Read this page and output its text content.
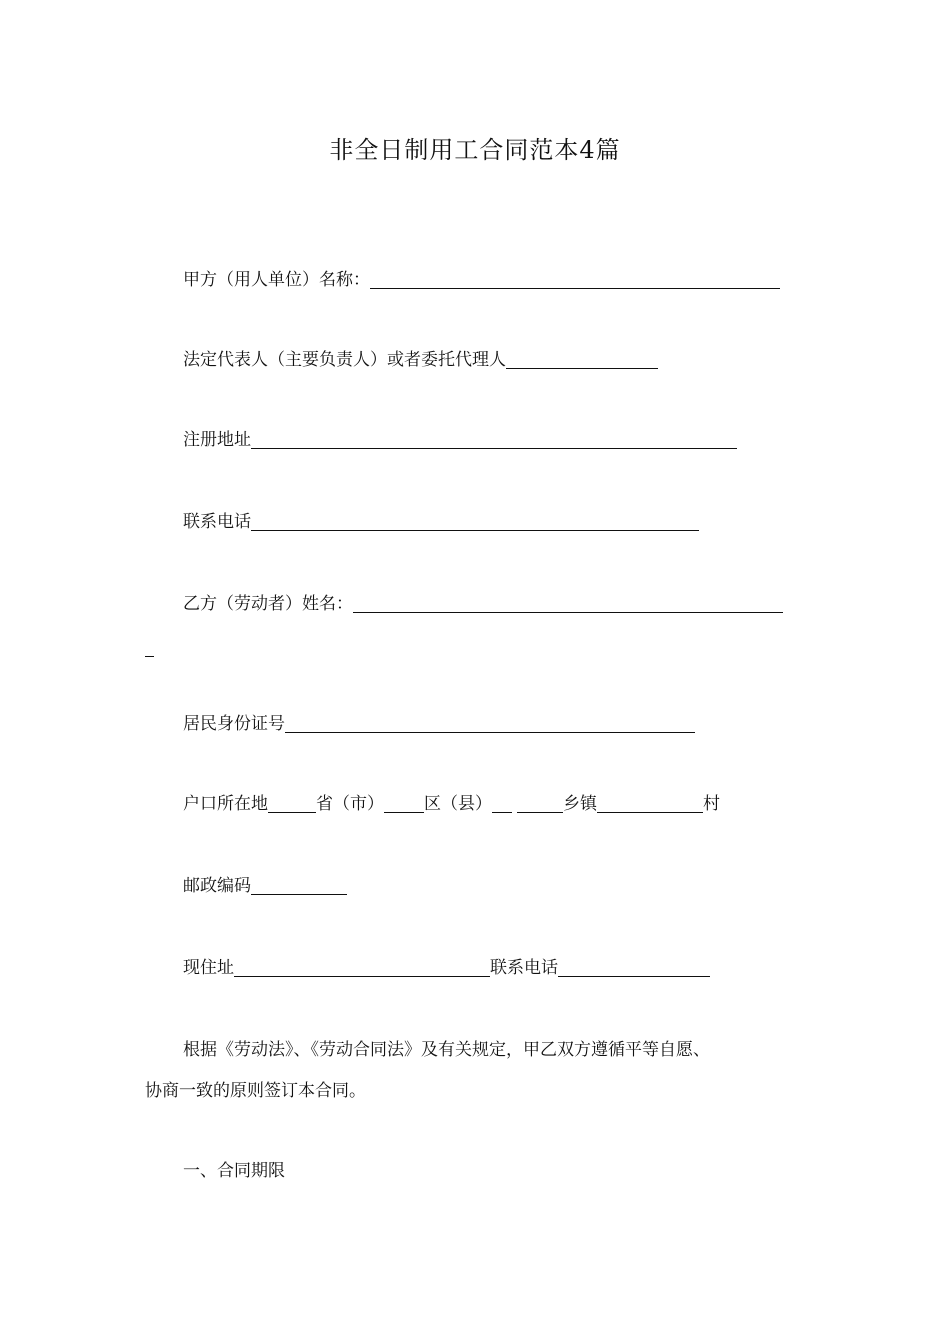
非全日制用工合同范本4篇
甲方（用人单位）名称：
法定代表人（主要负责人）或者委托代理人
注册地址
联系电话
乙方（劳动者）姓名：
居民身份证号
户口所在地	省（市） 区（县）	乡镇	村
邮政编码
现住址	联系电话
根据《劳动法》、《劳动合同法》及有关规定，甲乙双方遵循平等自愿、
协商一致的原则签订本合同。
一、合同期限
